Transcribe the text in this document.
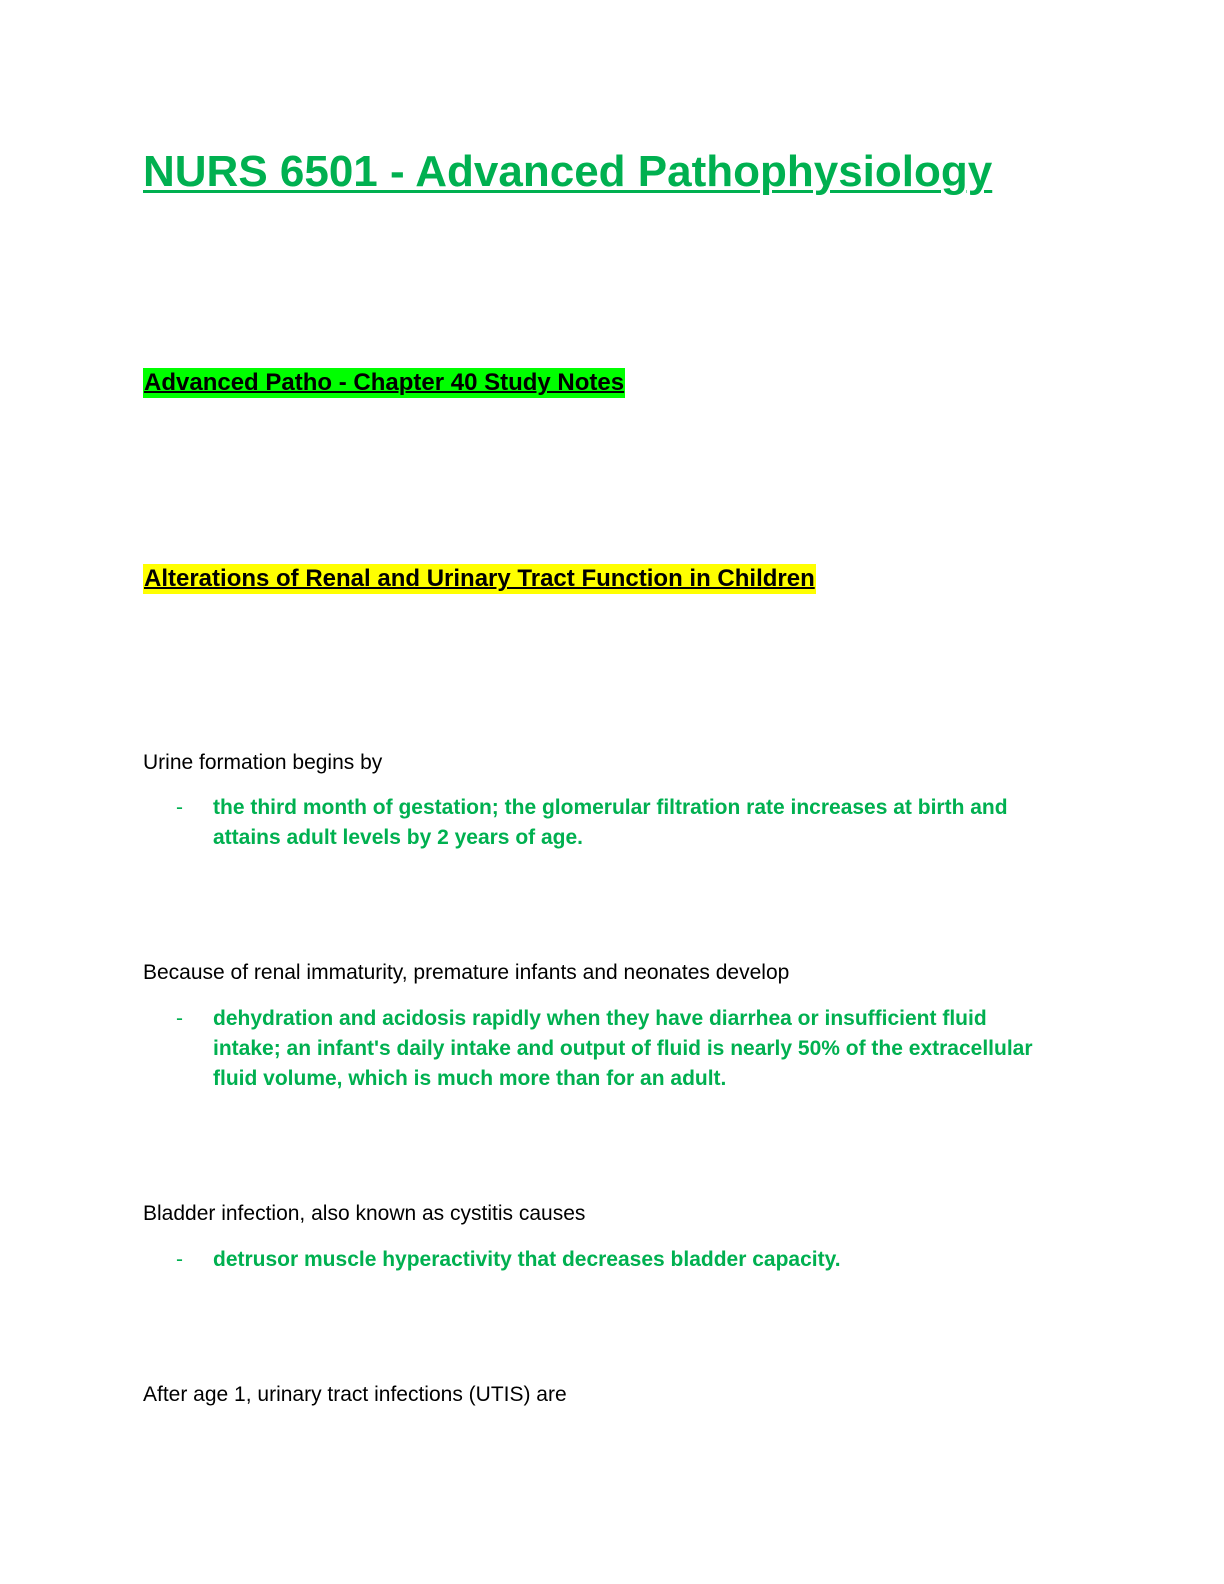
NURS 6501 - Advanced Pathophysiology
Advanced Patho - Chapter 40 Study Notes
Alterations of Renal and Urinary Tract Function in Children

Urine formation begins by

- the third month of gestation; the glomerular filtration rate increases at birth and attains adult levels by 2 years of age.

Because of renal immaturity, premature infants and neonates develop

- dehydration and acidosis rapidly when they have diarrhea or insufficient fluid intake; an infant's daily intake and output of fluid is nearly 50% of the extracellular fluid volume, which is much more than for an adult.

Bladder infection, also known as cystitis causes

- detrusor muscle hyperactivity that decreases bladder capacity.

After age 1, urinary tract infections (UTIS) are
